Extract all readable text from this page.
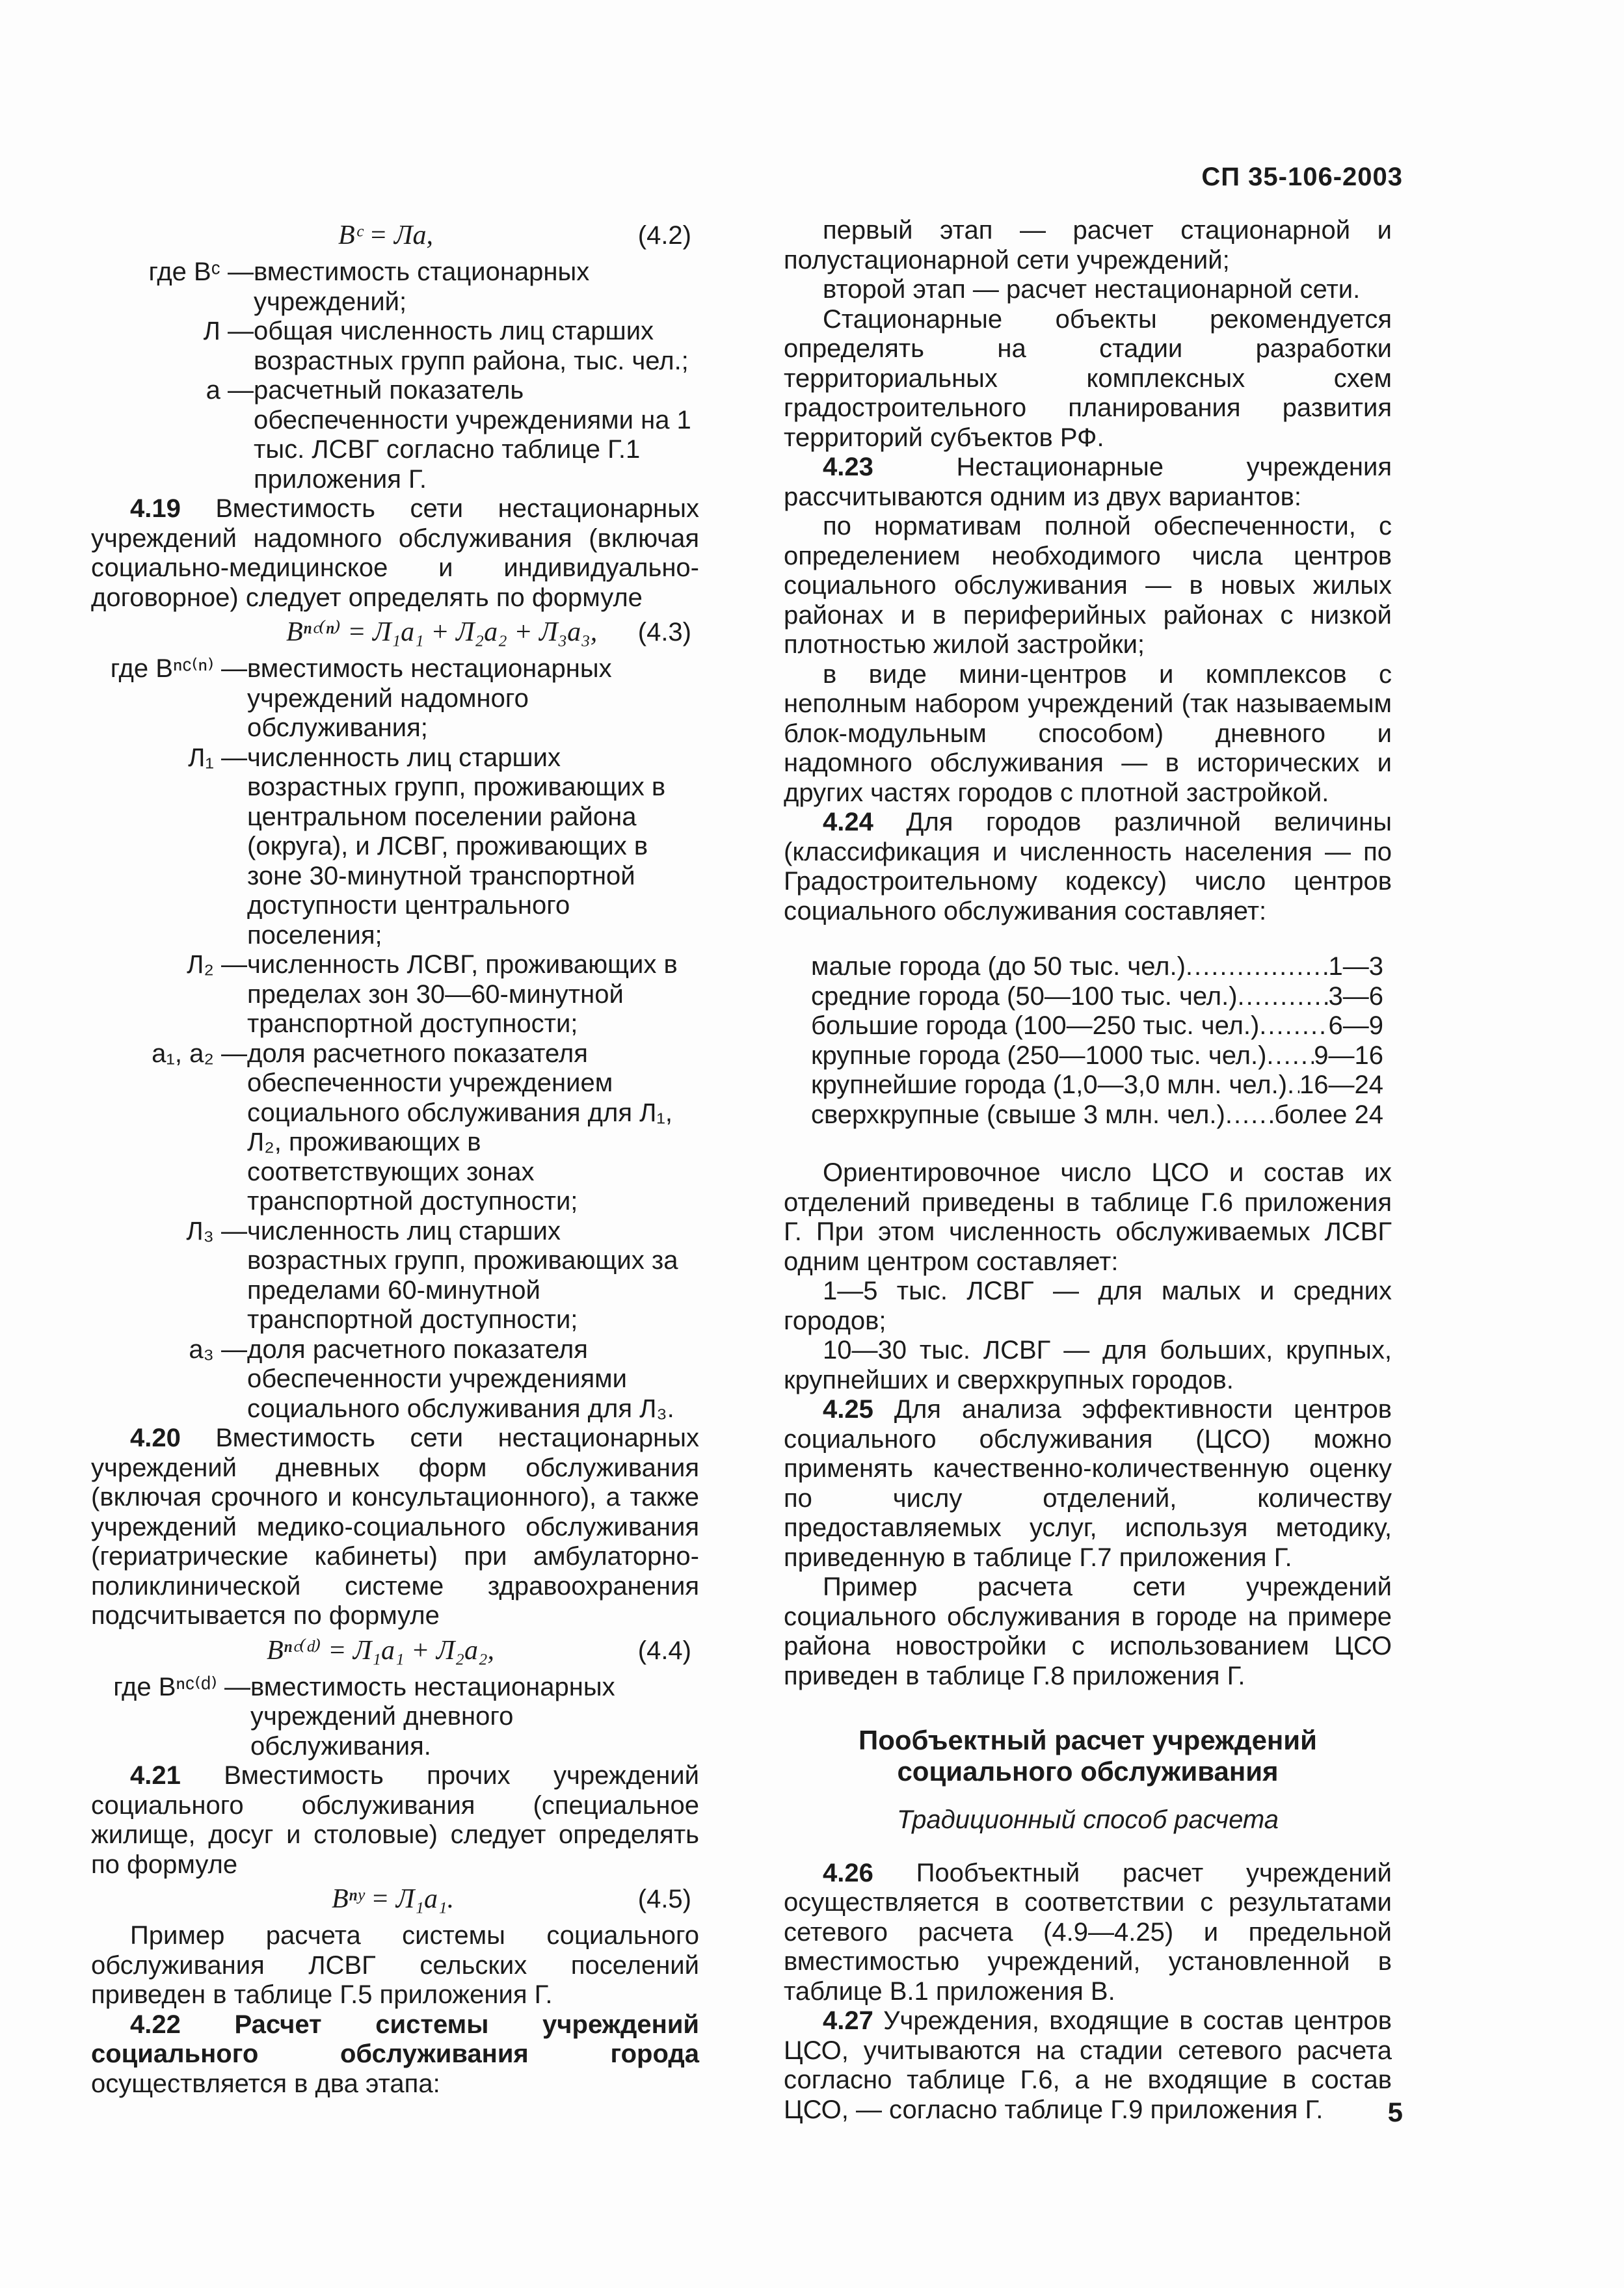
СП 35-106-2003
Вᶜ = Ла,	(4.2)
где Вᶜ — вместимость стационарных учреждений;
Л — общая численность лиц старших возрастных групп района, тыс. чел.;
а — расчетный показатель обеспеченности учреждениями на 1 тыс. ЛСВГ согласно таблице Г.1 приложения Г.

4.19 Вместимость сети нестационарных учреждений надомного обслуживания (включая социально-медицинское и индивидуально-договорное) следует определять по формуле

Вⁿᶜ⁽ⁿ⁾ = Л₁а₁ + Л₂а₂ + Л₃а₃, (4.3)
где Вⁿᶜ⁽ⁿ⁾ — вместимость нестационарных учреждений надомного обслуживания;
Л₁ — численность лиц старших возрастных групп, проживающих в центральном поселении района (округа), и ЛСВГ, проживающих в зоне 30-минутной транспортной доступности центрального поселения;
Л₂ — численность ЛСВГ, проживающих в пределах зон 30—60-минутной транспортной доступности;
а₁, а₂ — доля расчетного показателя обеспеченности учреждением социального обслуживания для Л₁, Л₂, проживающих в соответствующих зонах транспортной доступности;
Л₃ — численность лиц старших возрастных групп, проживающих за пределами 60-минутной транспортной доступности;
а₃ — доля расчетного показателя обеспеченности учреждениями социального обслуживания для Л₃.

4.20 Вместимость сети нестационарных учреждений дневных форм обслуживания (включая срочного и консультационного), а также учреждений медико-социального обслуживания (гериатрические кабинеты) при амбулаторно-поликлинической системе здравоохранения подсчитывается по формуле

Вⁿᶜ⁽ᵈ⁾ = Л₁а₁ + Л₂а₂,	(4.4)
где Вⁿᶜ⁽ᵈ⁾ — вместимость нестационарных учреждений дневного обслуживания.

4.21 Вместимость прочих учреждений социального обслуживания (специальное жилище, досуг и столовые) следует определять по формуле

Вⁿʸ = Л₁а₁.	(4.5)

Пример расчета системы социального обслуживания ЛСВГ сельских поселений приведен в таблице Г.5 приложения Г.

4.22 Расчет системы учреждений социального обслуживания города осуществляется в два этапа:

первый этап — расчет стационарной и полустационарной сети учреждений;

второй этап — расчет нестационарной сети.

Стационарные объекты рекомендуется определять на стадии разработки территориальных комплексных схем градостроительного планирования развития территорий субъектов РФ.

4.23 Нестационарные учреждения рассчитываются одним из двух вариантов:

по нормативам полной обеспеченности, с определением необходимого числа центров социального обслуживания — в новых жилых районах и в периферийных районах с низкой плотностью жилой застройки;

в виде мини-центров и комплексов с неполным набором учреждений (так называемым блок-модульным способом) дневного и надомного обслуживания — в исторических и других частях городов с плотной застройкой.

4.24 Для городов различной величины (классификация и численность населения — по Градостроительному кодексу) число центров социального обслуживания составляет:

малые города (до 50 тыс. чел.) .....	1—3
средние города (50—100 тыс. чел.) .....	3—6
большие города (100—250 тыс. чел.) .....	6—9
крупные города (250—1000 тыс. чел.) ..... 9—16
крупнейшие города (1,0—3,0 млн. чел.) ..... 16—24
сверхкрупные (свыше 3 млн. чел.) ..... более 24

Ориентировочное число ЦСО и состав их отделений приведены в таблице Г.6 приложения Г. При этом численность обслуживаемых ЛСВГ одним центром составляет:

1—5 тыс. ЛСВГ — для малых и средних городов;

10—30 тыс. ЛСВГ — для больших, крупных, крупнейших и сверхкрупных городов.

4.25 Для анализа эффективности центров социального обслуживания (ЦСО) можно применять качественно-количественную оценку по числу отделений, количеству предоставляемых услуг, используя методику, приведенную в таблице Г.7 приложения Г.

Пример расчета сети учреждений социального обслуживания в городе на примере района новостройки с использованием ЦСО приведен в таблице Г.8 приложения Г.

Пообъектный расчет учреждений социального обслуживания
Традиционный способ расчета

4.26 Пообъектный расчет учреждений осуществляется в соответствии с результатами сетевого расчета (4.9—4.25) и предельной вместимостью учреждений, установленной в таблице В.1 приложения В.

4.27 Учреждения, входящие в состав центров ЦСО, учитываются на стадии сетевого расчета согласно таблице Г.6, а не входящие в состав ЦСО, — согласно таблице Г.9 приложения Г.	5
